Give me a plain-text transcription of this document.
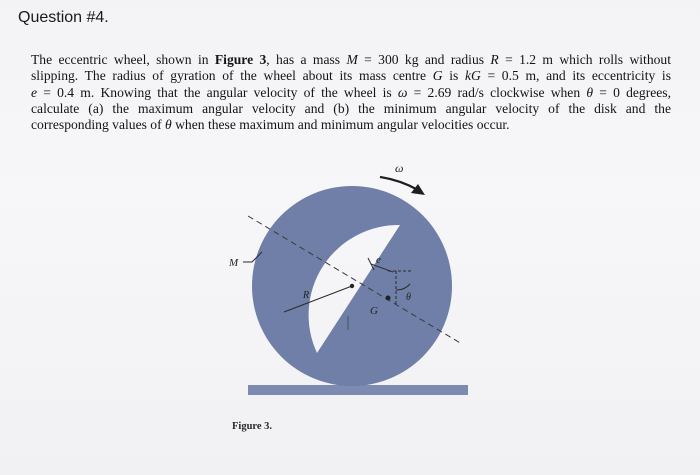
Question #4.
The eccentric wheel, shown in Figure 3, has a mass M = 300 kg and radius R = 1.2 m which rolls without
slipping. The radius of gyration of the wheel about its mass centre G is kG = 0.5 m, and its eccentricity is
e = 0.4 m. Knowing that the angular velocity of the wheel is ω = 2.69 rad/s clockwise when θ = 0 degrees,
calculate (a) the maximum angular velocity and (b) the minimum angular velocity of the disk and the
corresponding values of θ when these maximum and minimum angular velocities occur.
ω
M	e
R	θ
G
Figure 3.
